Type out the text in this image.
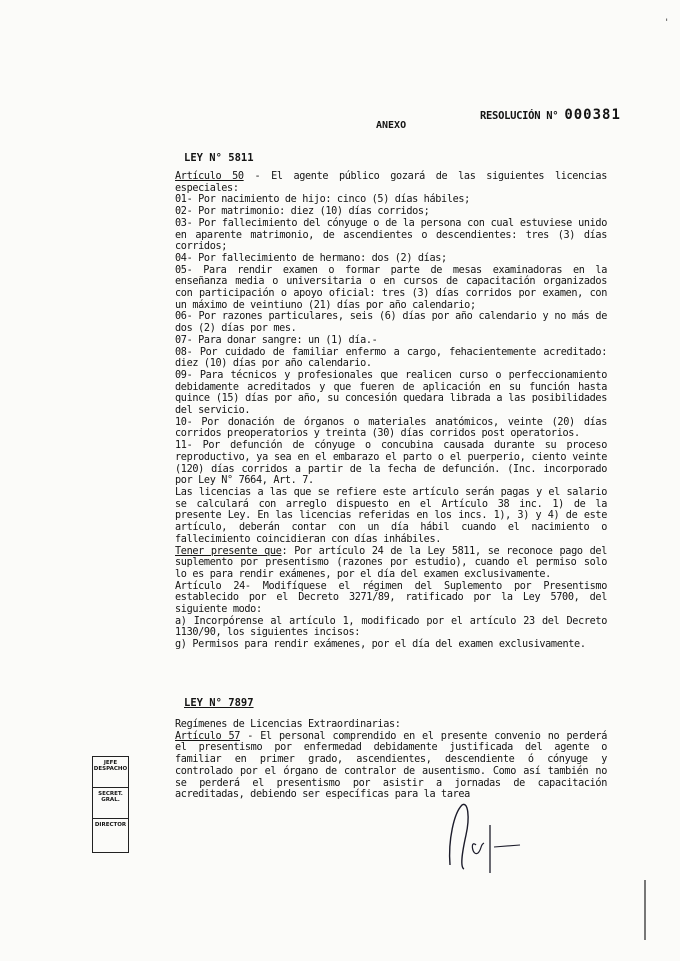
'
RESOLUCIÓN N° 000381
ANEXO
LEY N° 5811

Artículo 50 - El agente público gozará de las siguientes licencias especiales:

01- Por nacimiento de hijo: cinco (5) días hábiles;

02- Por matrimonio: diez (10) días corridos;

03- Por fallecimiento del cónyuge o de la persona con cual estuviese unido en aparente matrimonio, de ascendientes o descendientes: tres (3) días corridos;

04- Por fallecimiento de hermano: dos (2) días;

05- Para rendir examen o formar parte de mesas examinadoras en la enseñanza media o universitaria o en cursos de capacitación organizados con participación o apoyo oficial: tres (3) días corridos por examen, con un máximo de veintiuno (21) días por año calendario;

06- Por razones particulares, seis (6) días por año calendario y no más de dos (2) días por mes.

07- Para donar sangre: un (1) día.-

08- Por cuidado de familiar enfermo a cargo, fehacientemente acreditado: diez (10) días por año calendario.

09- Para técnicos y profesionales que realicen curso o perfeccionamiento debidamente acreditados y que fueren de aplicación en su función hasta quince (15) días por año, su concesión quedara librada a las posibilidades del servicio.

10- Por donación de órganos o materiales anatómicos, veinte (20) días corridos preoperatorios y treinta (30) días corridos post operatorios.

11- Por defunción de cónyuge o concubina causada durante su proceso reproductivo, ya sea en el embarazo el parto o el puerperio, ciento veinte (120) días corridos a partir de la fecha de defunción. (Inc. incorporado por Ley N° 7664, Art. 7.

Las licencias a las que se refiere este artículo serán pagas y el salario se calculará con arreglo dispuesto en el Artículo 38 inc. 1) de la presente Ley. En las licencias referidas en los incs. 1), 3) y 4) de este artículo, deberán contar con un día hábil cuando el nacimiento o fallecimiento coincidieran con días inhábiles.

Tener presente que: Por artículo 24 de la Ley 5811, se reconoce pago del suplemento por presentismo (razones por estudio), cuando el permiso solo lo es para rendir exámenes, por el día del examen exclusivamente.

Artículo 24- Modifíquese el régimen del Suplemento por Presentismo establecido por el Decreto 3271/89, ratificado por la Ley 5700, del siguiente modo:

a) Incorpórense al artículo 1, modificado por el artículo 23 del Decreto 1130/90, los siguientes incisos:

g) Permisos para rendir exámenes, por el día del examen exclusivamente.

LEY N° 7897

Regímenes de Licencias Extraordinarias:

Artículo 57 - El personal comprendido en el presente convenio no perderá el presentismo por enfermedad debidamente justificada del agente o familiar en primer grado, ascendientes, descendiente ó cónyuge y controlado por el órgano de contralor de ausentismo. Como así también no se perderá el presentismo por asistir a jornadas de capacitación acreditadas, debiendo ser específicas para la tarea

JEFE DESPACHO
SECRET. GRAL.
DIRECTOR
